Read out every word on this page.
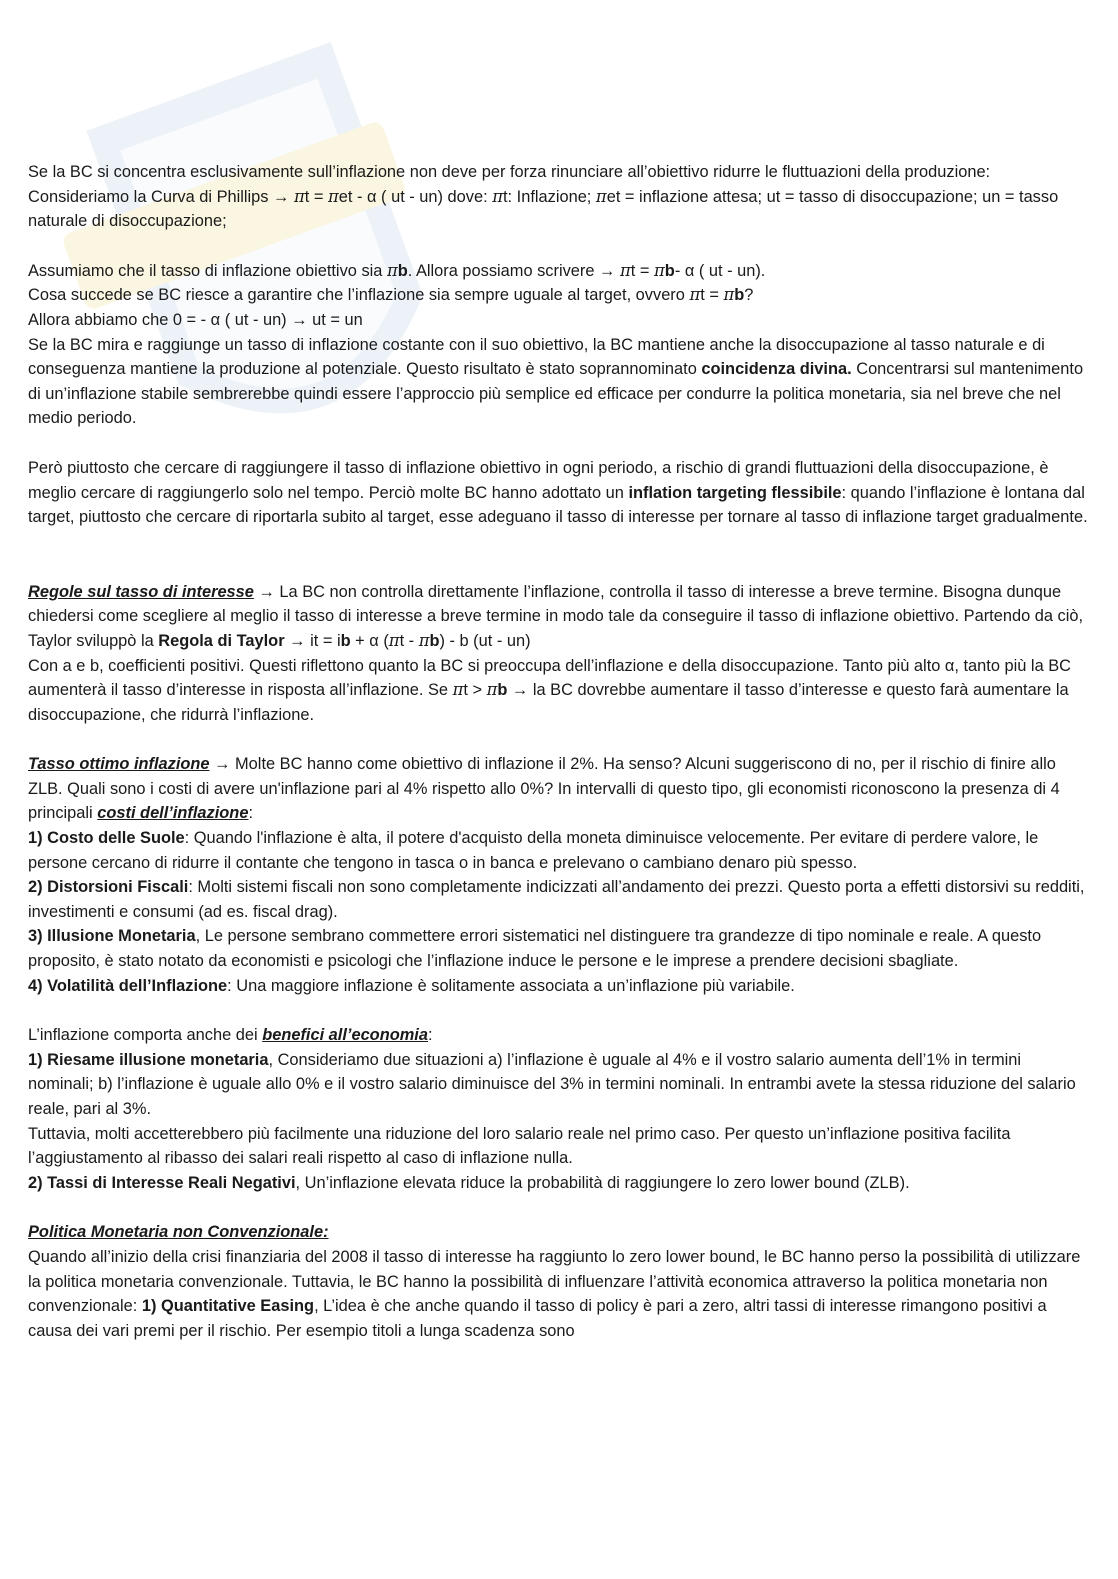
Se la BC si concentra esclusivamente sull’inflazione non deve per forza rinunciare all’obiettivo ridurre le fluttuazioni della produzione: Consideriamo la Curva di Phillips → πt = πet - α ( ut - un) dove: πt: Inflazione; πet = inflazione attesa; ut = tasso di disoccupazione; un = tasso naturale di disoccupazione;

Assumiamo che il tasso di inflazione obiettivo sia πb. Allora possiamo scrivere → πt = πb- α ( ut - un).

Cosa succede se BC riesce a garantire che l’inflazione sia sempre uguale al target, ovvero πt = πb?

Allora abbiamo che 0 = - α ( ut - un) → ut = un

Se la BC mira e raggiunge un tasso di inflazione costante con il suo obiettivo, la BC mantiene anche la disoccupazione al tasso naturale e di conseguenza mantiene la produzione al potenziale. Questo risultato è stato soprannominato coincidenza divina. Concentrarsi sul mantenimento di un’inflazione stabile sembrerebbe quindi essere l’approccio più semplice ed efficace per condurre la politica monetaria, sia nel breve che nel medio periodo.

Però piuttosto che cercare di raggiungere il tasso di inflazione obiettivo in ogni periodo, a rischio di grandi fluttuazioni della disoccupazione, è meglio cercare di raggiungerlo solo nel tempo. Perciò molte BC hanno adottato un inflation targeting flessibile: quando l’inflazione è lontana dal target, piuttosto che cercare di riportarla subito al target, esse adeguano il tasso di interesse per tornare al tasso di inflazione target gradualmente.

Regole sul tasso di interesse → La BC non controlla direttamente l’inflazione, controlla il tasso di interesse a breve termine. Bisogna dunque chiedersi come scegliere al meglio il tasso di interesse a breve termine in modo tale da conseguire il tasso di inflazione obiettivo. Partendo da ciò, Taylor sviluppò la Regola di Taylor → it = ib + α (πt - πb) - b (ut - un)

Con a e b, coefficienti positivi. Questi riflettono quanto la BC si preoccupa dell’inflazione e della disoccupazione. Tanto più alto α, tanto più la BC aumenterà il tasso d’interesse in risposta all’inflazione. Se πt > πb → la BC dovrebbe aumentare il tasso d’interesse e questo farà aumentare la disoccupazione, che ridurrà l’inflazione.

Tasso ottimo inflazione → Molte BC hanno come obiettivo di inflazione il 2%. Ha senso? Alcuni suggeriscono di no, per il rischio di finire allo ZLB. Quali sono i costi di avere un'inflazione pari al 4% rispetto allo 0%? In intervalli di questo tipo, gli economisti riconoscono la presenza di 4 principali costi dell’inflazione:

1) Costo delle Suole: Quando l'inflazione è alta, il potere d'acquisto della moneta diminuisce velocemente. Per evitare di perdere valore, le persone cercano di ridurre il contante che tengono in tasca o in banca e prelevano o cambiano denaro più spesso.

2) Distorsioni Fiscali: Molti sistemi fiscali non sono completamente indicizzati all’andamento dei prezzi. Questo porta a effetti distorsivi su redditi, investimenti e consumi (ad es. fiscal drag).

3) Illusione Monetaria, Le persone sembrano commettere errori sistematici nel distinguere tra grandezze di tipo nominale e reale. A questo proposito, è stato notato da economisti e psicologi che l’inflazione induce le persone e le imprese a prendere decisioni sbagliate.

4) Volatilità dell’Inflazione: Una maggiore inflazione è solitamente associata a un’inflazione più variabile.

L’inflazione comporta anche dei benefici all’economia:

1) Riesame illusione monetaria, Consideriamo due situazioni a) l’inflazione è uguale al 4% e il vostro salario aumenta dell’1% in termini nominali; b) l’inflazione è uguale allo 0% e il vostro salario diminuisce del 3% in termini nominali. In entrambi avete la stessa riduzione del salario reale, pari al 3%.

Tuttavia, molti accetterebbero più facilmente una riduzione del loro salario reale nel primo caso. Per questo un’inflazione positiva facilita l’aggiustamento al ribasso dei salari reali rispetto al caso di inflazione nulla.

2) Tassi di Interesse Reali Negativi, Un’inflazione elevata riduce la probabilità di raggiungere lo zero lower bound (ZLB).

Politica Monetaria non Convenzionale:

Quando all’inizio della crisi finanziaria del 2008 il tasso di interesse ha raggiunto lo zero lower bound, le BC hanno perso la possibilità di utilizzare la politica monetaria convenzionale. Tuttavia, le BC hanno la possibilità di influenzare l’attività economica attraverso la politica monetaria non convenzionale: 1) Quantitative Easing, L’idea è che anche quando il tasso di policy è pari a zero, altri tassi di interesse rimangono positivi a causa dei vari premi per il rischio. Per esempio titoli a lunga scadenza sono
